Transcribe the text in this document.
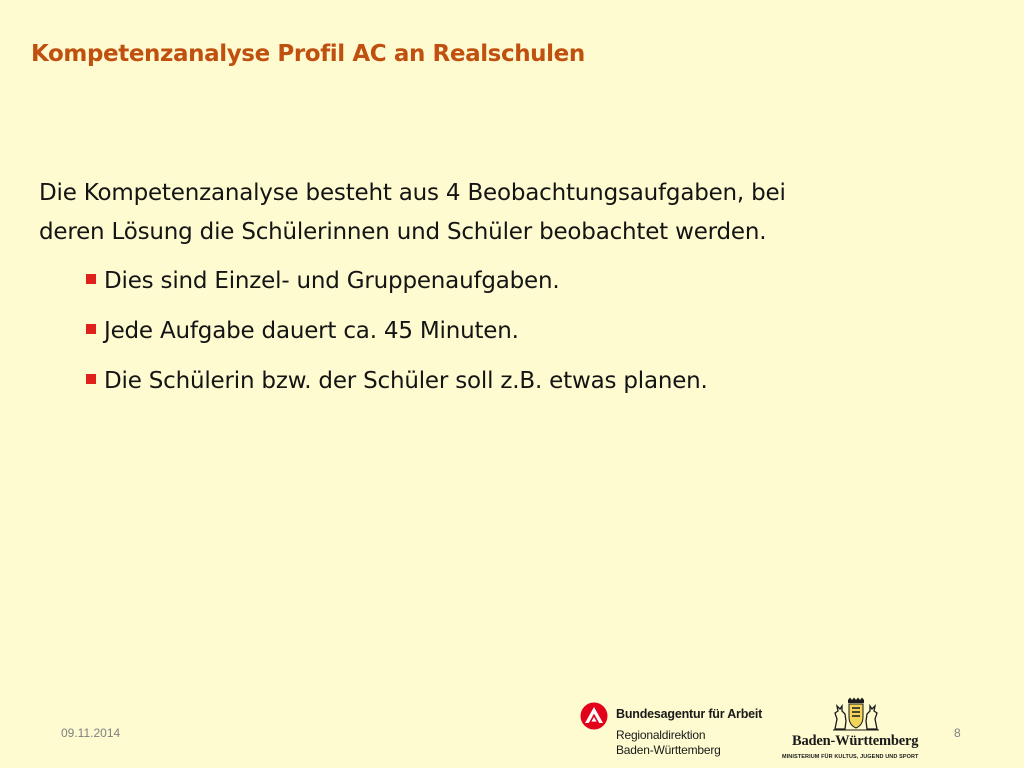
Kompetenzanalyse Profil AC an Realschulen
Die Kompetenzanalyse besteht aus 4 Beobachtungsaufgaben, bei
deren Lösung die Schülerinnen und Schüler beobachtet werden.
Dies sind Einzel- und Gruppenaufgaben.
Jede Aufgabe dauert ca. 45 Minuten.
Die Schülerin bzw. der Schüler soll z.B. etwas planen.
09.11.2014
Bundesagentur für Arbeit
Regionaldirektion
Baden-Württemberg
Baden-Württemberg
MINISTERIUM FÜR KULTUS, JUGEND UND SPORT
8
